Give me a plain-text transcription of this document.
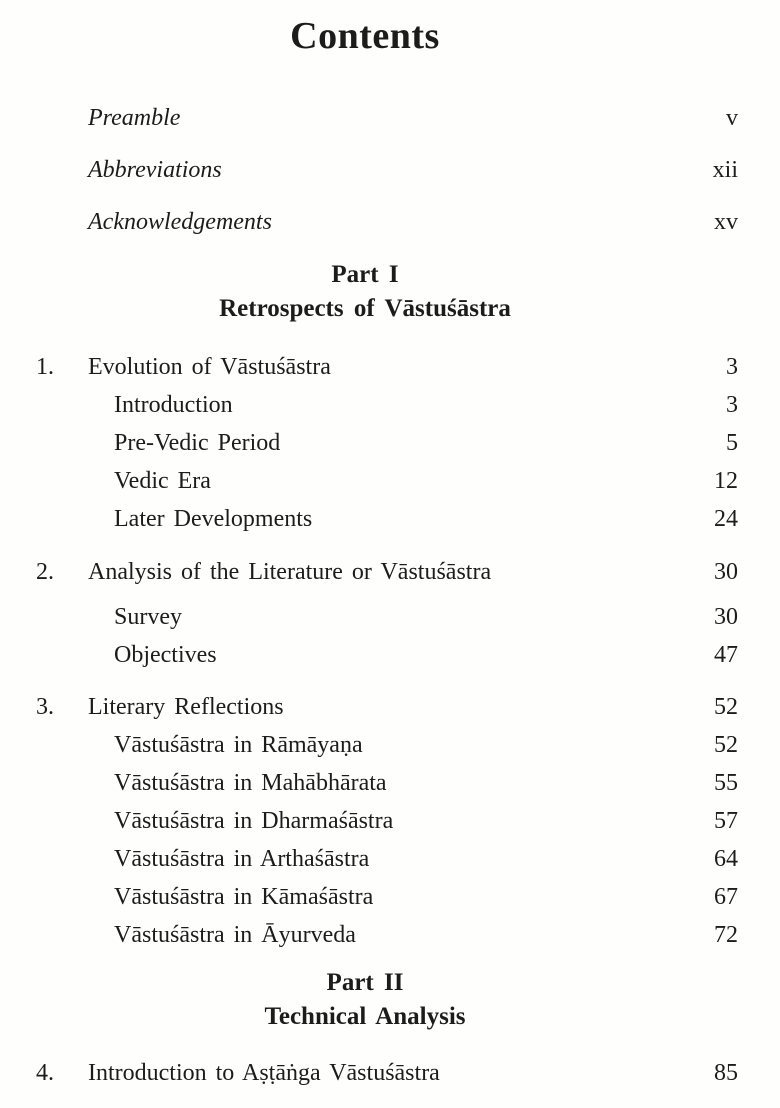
Contents
Preamble	v
Abbreviations	xii
Acknowledgements	xv
Part I
Retrospects of Vāstuśāstra
1.	Evolution of Vāstuśāstra	3
Introduction	3
Pre-Vedic Period	5
Vedic Era	12
Later Developments	24
2.	Analysis of the Literature or Vāstuśāstra	30
Survey	30
Objectives	47
3.	Literary Reflections	52
Vāstuśāstra in Rāmāyaṇa	52
Vāstuśāstra in Mahābhārata	55
Vāstuśāstra in Dharmaśāstra	57
Vāstuśāstra in Arthaśāstra	64
Vāstuśāstra in Kāmaśāstra	67
Vāstuśāstra in Āyurveda	72
Part II
Technical Analysis
4.	Introduction to Aṣṭāṅga Vāstuśāstra	85
